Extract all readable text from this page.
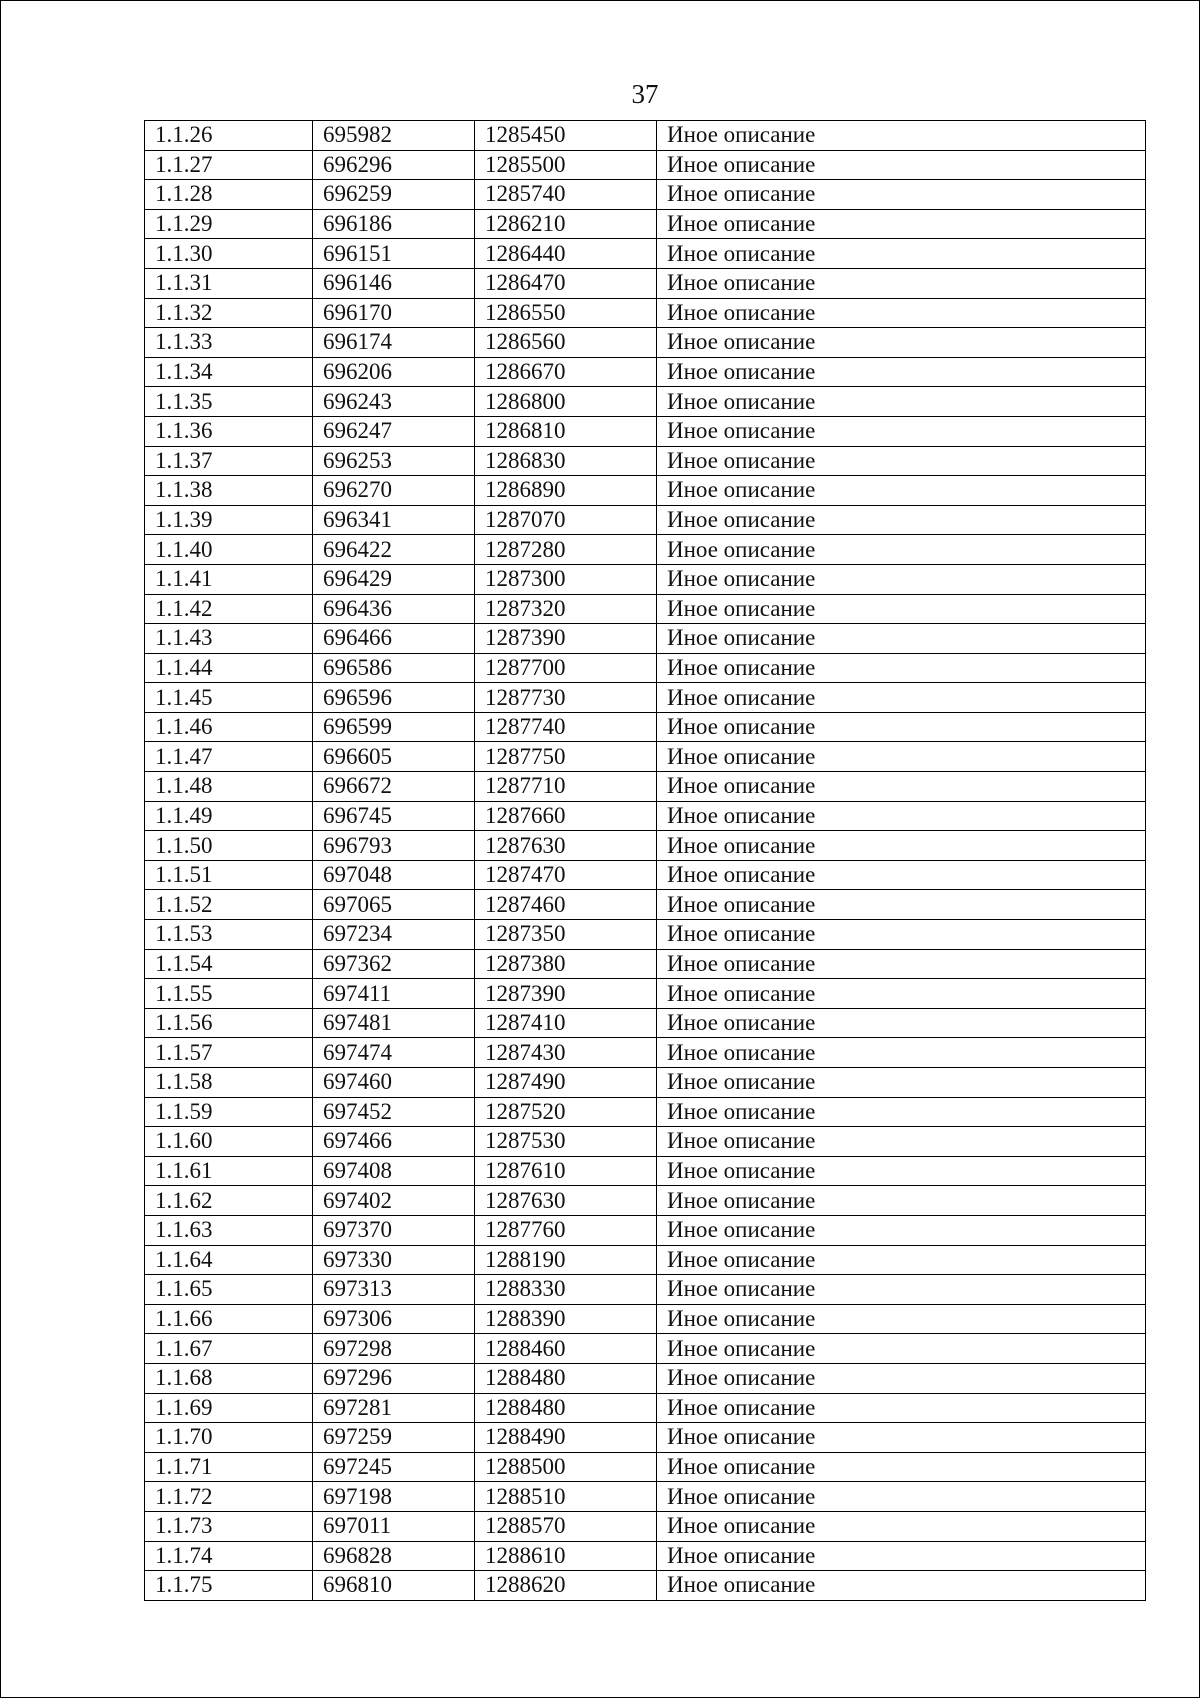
37
1.1.26	695982	1285450	Иное описание
1.1.27	696296	1285500	Иное описание
1.1.28	696259	1285740	Иное описание
1.1.29	696186	1286210	Иное описание
1.1.30	696151	1286440	Иное описание
1.1.31	696146	1286470	Иное описание
1.1.32	696170	1286550	Иное описание
1.1.33	696174	1286560	Иное описание
1.1.34	696206	1286670	Иное описание
1.1.35	696243	1286800	Иное описание
1.1.36	696247	1286810	Иное описание
1.1.37	696253	1286830	Иное описание
1.1.38	696270	1286890	Иное описание
1.1.39	696341	1287070	Иное описание
1.1.40	696422	1287280	Иное описание
1.1.41	696429	1287300	Иное описание
1.1.42	696436	1287320	Иное описание
1.1.43	696466	1287390	Иное описание
1.1.44	696586	1287700	Иное описание
1.1.45	696596	1287730	Иное описание
1.1.46	696599	1287740	Иное описание
1.1.47	696605	1287750	Иное описание
1.1.48	696672	1287710	Иное описание
1.1.49	696745	1287660	Иное описание
1.1.50	696793	1287630	Иное описание
1.1.51	697048	1287470	Иное описание
1.1.52	697065	1287460	Иное описание
1.1.53	697234	1287350	Иное описание
1.1.54	697362	1287380	Иное описание
1.1.55	697411	1287390	Иное описание
1.1.56	697481	1287410	Иное описание
1.1.57	697474	1287430	Иное описание
1.1.58	697460	1287490	Иное описание
1.1.59	697452	1287520	Иное описание
1.1.60	697466	1287530	Иное описание
1.1.61	697408	1287610	Иное описание
1.1.62	697402	1287630	Иное описание
1.1.63	697370	1287760	Иное описание
1.1.64	697330	1288190	Иное описание
1.1.65	697313	1288330	Иное описание
1.1.66	697306	1288390	Иное описание
1.1.67	697298	1288460	Иное описание
1.1.68	697296	1288480	Иное описание
1.1.69	697281	1288480	Иное описание
1.1.70	697259	1288490	Иное описание
1.1.71	697245	1288500	Иное описание
1.1.72	697198	1288510	Иное описание
1.1.73	697011	1288570	Иное описание
1.1.74	696828	1288610	Иное описание
1.1.75	696810	1288620	Иное описание
